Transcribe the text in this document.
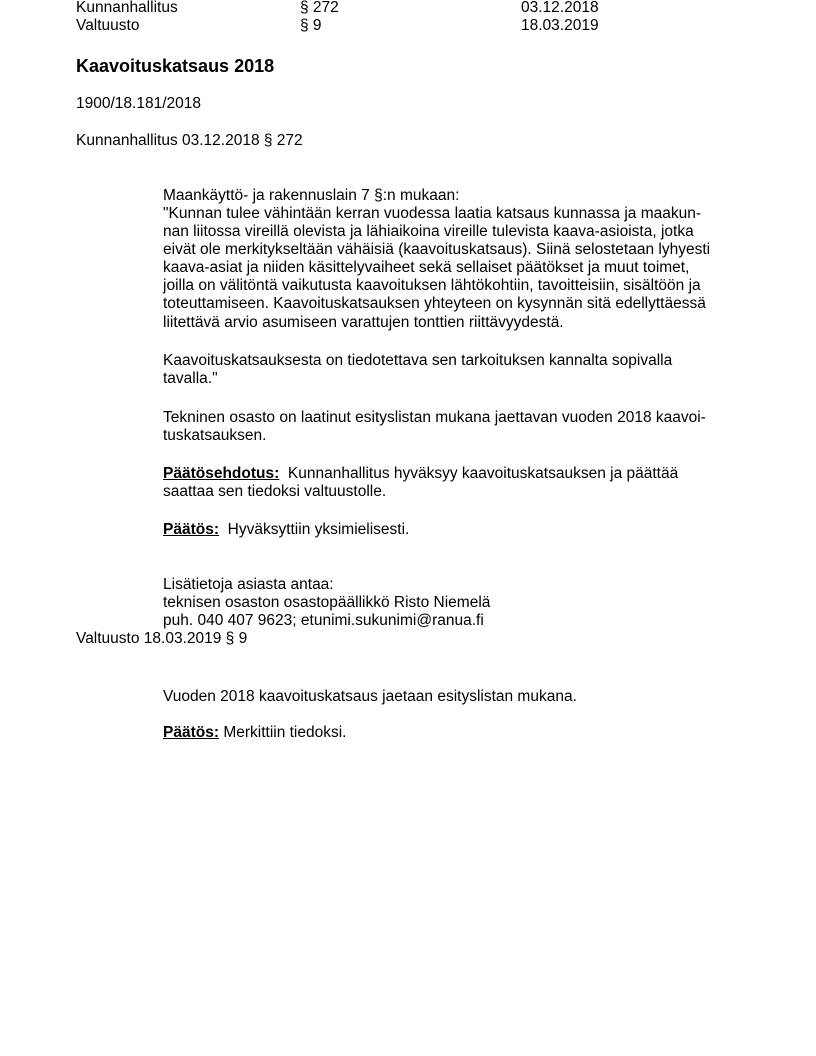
Kunnanhallitus	§ 272	03.12.2018
Valtuusto	§ 9	18.03.2019
Kaavoituskatsaus 2018
1900/18.181/2018
Kunnanhallitus 03.12.2018 § 272
Maankäyttö- ja rakennuslain 7 §:n mukaan:
"Kunnan tulee vähintään kerran vuodessa laatia katsaus kunnassa ja maakun-
nan liitossa vireillä olevista ja lähiaikoina vireille tulevista kaava-asioista, jotka
eivät ole merkitykseltään vähäisiä (kaavoituskatsaus). Siinä selostetaan lyhyesti
kaava-asiat ja niiden käsittelyvaiheet sekä sellaiset päätökset ja muut toimet,
joilla on välitöntä vaikutusta kaavoituksen lähtökohtiin, tavoitteisiin, sisältöön ja
toteuttamiseen. Kaavoituskatsauksen yhteyteen on kysynnän sitä edellyttäessä
liitettävä arvio asumiseen varattujen tonttien riittävyydestä.
Kaavoituskatsauksesta on tiedotettava sen tarkoituksen kannalta sopivalla
tavalla."
Tekninen osasto on laatinut esityslistan mukana jaettavan vuoden 2018 kaavoi-
tuskatsauksen.
Päätösehdotus: Kunnanhallitus hyväksyy kaavoituskatsauksen ja päättää
saattaa sen tiedoksi valtuustolle.
Päätös: Hyväksyttiin yksimielisesti.
Lisätietoja asiasta antaa:
teknisen osaston osastopäällikkö Risto Niemelä
puh. 040 407 9623; etunimi.sukunimi@ranua.fi
Valtuusto 18.03.2019 § 9
Vuoden 2018 kaavoituskatsaus jaetaan esityslistan mukana.
Päätös: Merkittiin tiedoksi.
